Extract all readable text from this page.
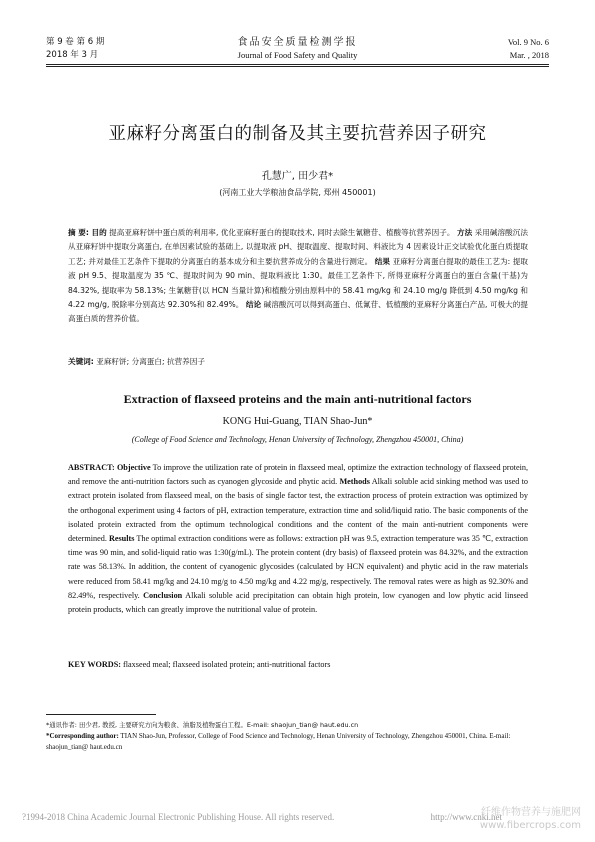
第 9 卷 第 6 期
2018 年 3 月
食品安全质量检测学报
Journal of Food Safety and Quality
Vol. 9 No. 6
Mar. , 2018
亚麻籽分离蛋白的制备及其主要抗营养因子研究
孔慧广, 田少君*
(河南工业大学粮油食品学院, 郑州 450001)
摘 要: 目的 提高亚麻籽饼中蛋白质的利用率, 优化亚麻籽蛋白的提取技术, 同时去除生氰糖苷、植酸等抗营养因子。 方法 采用碱溶酸沉法从亚麻籽饼中提取分离蛋白, 在单因素试验的基础上, 以提取液 pH、提取温度、提取时间、料液比为 4 因素设计正交试验优化蛋白质提取工艺; 并对最佳工艺条件下提取的分离蛋白的基本成分和主要抗营养成分的含量进行测定。 结果 亚麻籽分离蛋白提取的最佳工艺为: 提取液 pH 9.5、提取温度为 35 ℃、提取时间为 90 min、提取料液比 1:30。最佳工艺条件下, 所得亚麻籽分离蛋白的蛋白含量(干基)为 84.32%, 提取率为 58.13%; 生氰糖苷(以 HCN 当量计算)和植酸分别由原料中的 58.41 mg/kg 和 24.10 mg/g 降低到 4.50 mg/kg 和 4.22 mg/g, 脱除率分别高达 92.30%和 82.49%。 结论 碱溶酸沉可以得到高蛋白、低氰苷、低植酸的亚麻籽分离蛋白产品, 可极大的提高蛋白质的营养价值。
关键词: 亚麻籽饼; 分离蛋白; 抗营养因子
Extraction of flaxseed proteins and the main anti-nutritional factors
KONG Hui-Guang, TIAN Shao-Jun*
(College of Food Science and Technology, Henan University of Technology, Zhengzhou 450001, China)
ABSTRACT: Objective To improve the utilization rate of protein in flaxseed meal, optimize the extraction technology of flaxseed protein, and remove the anti-nutrition factors such as cyanogen glycoside and phytic acid. Methods Alkali soluble acid sinking method was used to extract protein isolated from flaxseed meal, on the basis of single factor test, the extraction process of protein extraction was optimized by the orthogonal experiment using 4 factors of pH, extraction temperature, extraction time and solid/liquid ratio. The basic components of the isolated protein extracted from the optimum technological conditions and the content of the main anti-nutrient components were determined. Results The optimal extraction conditions were as follows: extraction pH was 9.5, extraction temperature was 35 ℃, extraction time was 90 min, and solid-liquid ratio was 1:30(g/mL). The protein content (dry basis) of flaxseed protein was 84.32%, and the extraction rate was 58.13%. In addition, the content of cyanogenic glycosides (calculated by HCN equivalent) and phytic acid in the raw materials were reduced from 58.41 mg/kg and 24.10 mg/g to 4.50 mg/kg and 4.22 mg/g, respectively. The removal rates were as high as 92.30% and 82.49%, respectively. Conclusion Alkali soluble acid precipitation can obtain high protein, low cyanogen and low phytic acid linseed protein products, which can greatly improve the nutritional value of protein.
KEY WORDS: flaxseed meal; flaxseed isolated protein; anti-nutritional factors
*通讯作者: 田少君, 教授, 主要研究方向为粮食、油脂及植物蛋白工程。E-mail: shaojun_tian@ haut.edu.cn
*Corresponding author: TIAN Shao-Jun, Professor, College of Food Science and Technology, Henan University of Technology, Zhengzhou 450001, China. E-mail: shaojun_tian@ haut.edu.cn
?1994-2018 China Academic Journal Electronic Publishing House. All rights reserved.	http://www.cnki.net
纤维作物营养与施肥网
www.fibercrops.com
